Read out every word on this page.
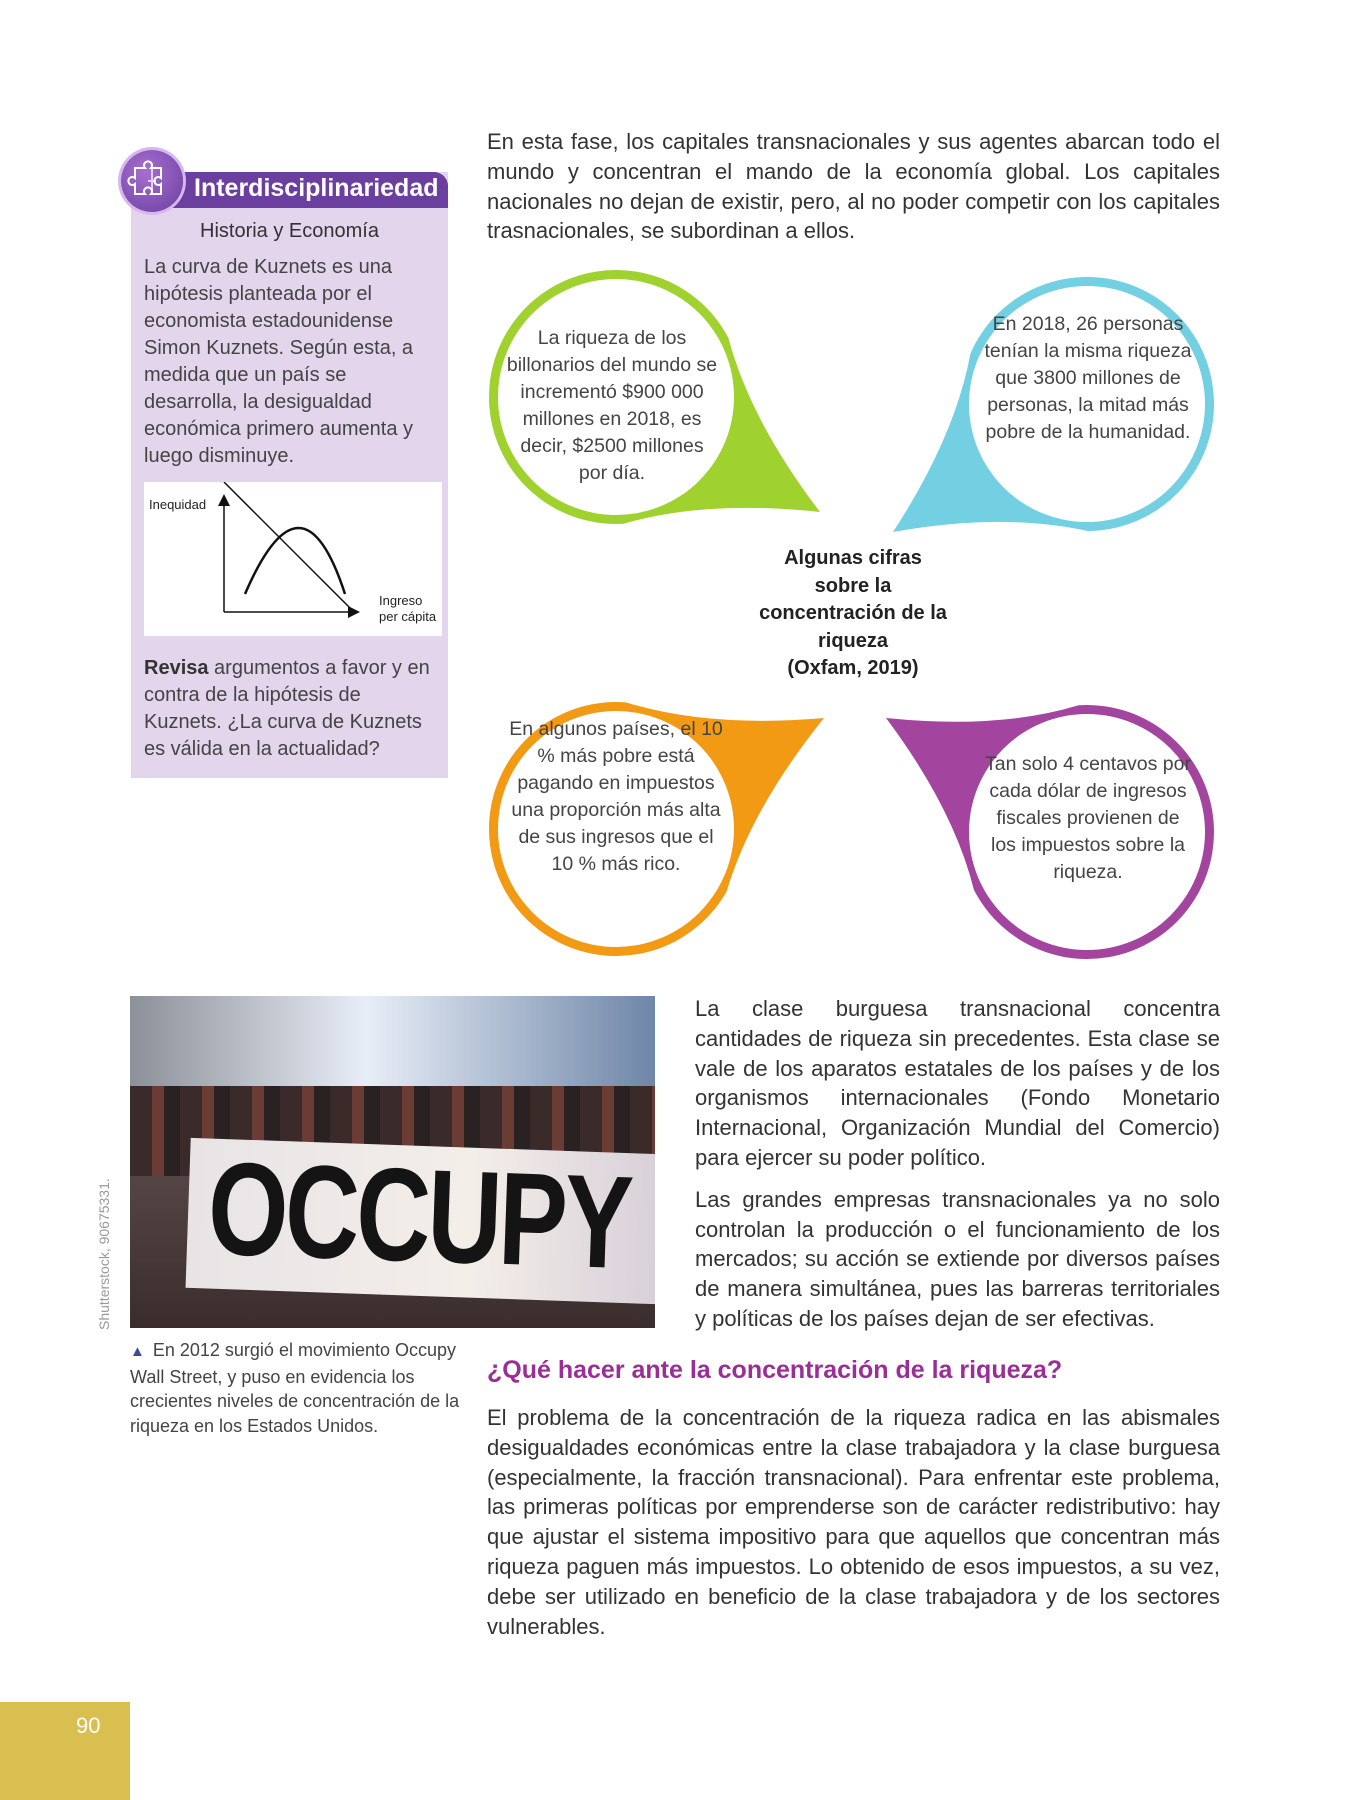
En esta fase, los capitales transnacionales y sus agentes abarcan todo el mundo y concentran el mando de la economía global. Los capitales nacionales no dejan de existir, pero, al no poder competir con los capitales trasnacionales, se subordinan a ellos.
Interdisciplinariedad
Historia y Economía
La curva de Kuznets es una hipótesis planteada por el economista estadounidense Simon Kuznets. Según esta, a medida que un país se desarrolla, la desigualdad económica primero aumenta y luego disminuye.
Inequidad
Ingreso
per cápita
Revisa argumentos a favor y en contra de la hipótesis de Kuznets. ¿La curva de Kuznets es válida en la actualidad?
Algunas cifras
sobre la
concentración de la
riqueza
(Oxfam, 2019)
La riqueza de los billonarios del mundo se incrementó $900 000 millones en 2018, es decir, $2500 millones por día.
En 2018, 26 personas tenían la misma riqueza que 3800 millones de personas, la mitad más pobre de la humanidad.
En algunos países, el 10 % más pobre está pagando en impuestos una proporción más alta de sus ingresos que el 10 % más rico.
Tan solo 4 centavos por cada dólar de ingresos fiscales provienen de los impuestos sobre la riqueza.
OCCUPY
Shutterstock, 90675331.
▲ En 2012 surgió el movimiento Occupy Wall Street, y puso en evidencia los crecientes niveles de concentración de la riqueza en los Estados Unidos.

La clase burguesa transnacional concentra cantidades de riqueza sin precedentes. Esta clase se vale de los aparatos estatales de los países y de los organismos internacionales (Fondo Monetario Internacional, Organización Mundial del Comercio) para ejercer su poder político.

Las grandes empresas transnacionales ya no solo controlan la producción o el funcionamiento de los mercados; su acción se extiende por diversos países de manera simultánea, pues las barreras territoriales y políticas de los países dejan de ser efectivas.

¿Qué hacer ante la concentración de la riqueza?
El problema de la concentración de la riqueza radica en las abismales desigualdades económicas entre la clase trabajadora y la clase burguesa (especialmente, la fracción transnacional). Para enfrentar este problema, las primeras políticas por emprenderse son de carácter redistributivo: hay que ajustar el sistema impositivo para que aquellos que concentran más riqueza paguen más impuestos. Lo obtenido de esos impuestos, a su vez, debe ser utilizado en beneficio de la clase trabajadora y de los sectores vulnerables.
90
